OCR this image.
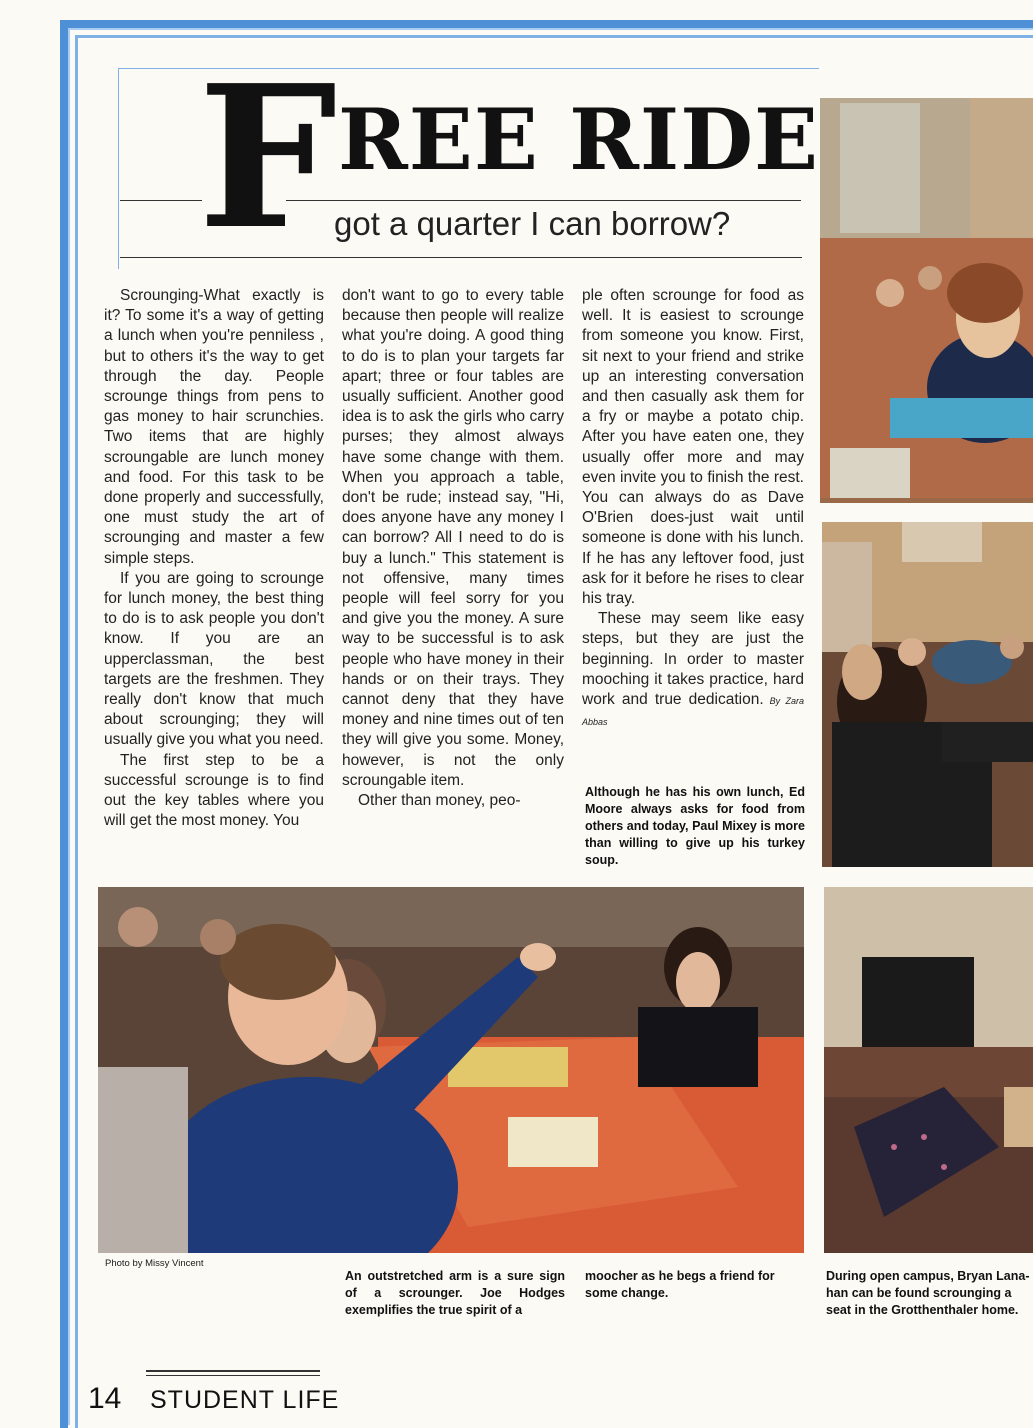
F REE RIDE
got a quarter I can borrow?

Scrounging-What exactly is it? To some it's a way of getting a lunch when you're penniless , but to others it's the way to get through the day. People scrounge things from pens to gas money to hair scrunchies. Two items that are highly scroungable are lunch money and food. For this task to be done properly and successfully, one must study the art of scrounging and master a few simple steps.

If you are going to scrounge for lunch money, the best thing to do is to ask people you don't know. If you are an upperclassman, the best targets are the freshmen. They really don't know that much about scrounging; they will usually give you what you need.

The first step to be a successful scrounge is to find out the key tables where you will get the most money. You

don't want to go to every table because then people will realize what you're doing. A good thing to do is to plan your targets far apart; three or four tables are usually sufficient. Another good idea is to ask the girls who carry purses; they almost always have some change with them. When you approach a table, don't be rude; instead say, "Hi, does anyone have any money I can borrow? All I need to do is buy a lunch." This statement is not offensive, many times people will feel sorry for you and give you the money. A sure way to be successful is to ask people who have money in their hands or on their trays. They cannot deny that they have money and nine times out of ten they will give you some. Money, however, is not the only scroungable item.

Other than money, peo-

ple often scrounge for food as well. It is easiest to scrounge from someone you know. First, sit next to your friend and strike up an interesting conversation and then casually ask them for a fry or maybe a potato chip. After you have eaten one, they usually offer more and may even invite you to finish the rest. You can always do as Dave O'Brien does-just wait until someone is done with his lunch. If he has any leftover food, just ask for it before he rises to clear his tray.

These may seem like easy steps, but they are just the beginning. In order to master mooching it takes practice, hard work and true dedication. By Zara Abbas

Although he has his own lunch, Ed Moore always asks for food from others and today, Paul Mixey is more than willing to give up his turkey soup.
Photo by Missy Vincent
An outstretched arm is a sure sign of a scrounger. Joe Hodges exemplifies the true spirit of a
moocher as he begs a friend for some change.
During open campus, Bryan Lana-
han can be found scrounging a
seat in the Grotthenthaler home.
14 STUDENT LIFE
